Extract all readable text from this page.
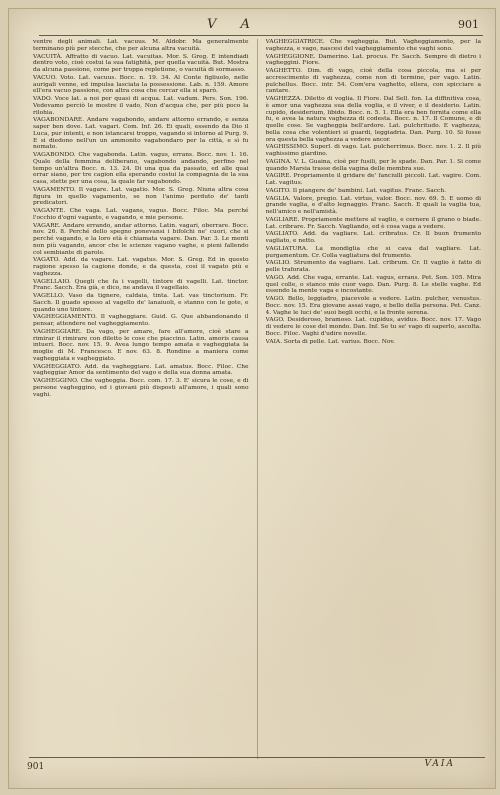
V A	901

ventre degli animali. Lat. vacuus. M. Aldobr. Ma generalmente terminano più per stecche, che per alcuna altra vacuità.

VACUITÀ. Affratto di vacuo. Lat. vacuitas. Mor. S. Greg. E intendiadi dentro voto, cioè costui la sua fatighità, per quella vacuità. But. Mostra da alcuna passione, come per troppa repletione, o vacuità di sormasso.

VACUO. Voto. Lat. vacuus. Bocc. n. 19. 34. Al Conte figliuolo, nelle aurigali venne, ed impulsa lasciata la possessione. Lab. n. 159. Amore ell'era vacuo passione, con altra cosa che cercar ella si sparò.

VADO. Voce lat. a noi per quasi di acqua. Lat. vadum. Pers. Son. 196. Vedevamo perciò le mostre il vado, Non d'acqua che, per più poco la rilohia.

VAGABONDARE. Andare vagabondo, andare attorno errando, e senza saper ben dove. Lat. vagari. Com. Inf. 26. Ei quali, essendo da Dio il Luca, pur intenti, e non istancarsi troppo, vagando si intorno al Purg. 9. E si diedono nell'un un ammonito vagabondaro per la città, e sì fu nomato.

VAGABONDO. Che vagabonda. Latin. vagus, errans. Bocc. nov. 1. 16. Quale della femmina deliberano, vagabondo andando, perfino nel tempo un'altra Bocc. n. 13. 24. Di una qua da passato, ed alle quai errar siano, per tre cagion ella sperando costui la compagnia de la sua casa, stette per una cosa, la quale far vagabondo.

VAGAMENTO. Il vagare. Lat. vagatio. Mor. S. Greg. Niuna altra cosa figura in quello vagamento, se non l'animo perduto de' tanti predicatori.

VAGANTE. Che vaga. Lat. vagans, vagus. Bocc. Filoc. Ma perché l'occhio d'ogni vagante, e vagando, e mie persone.

VAGARE. Andare errando, andar attorno. Latin. vagari, oberrare. Bocc. nov. 26. 8. Perché dello spegno ponevansi i bifolchi ne' cuori, che si perché vagando, e la loro età è chiamata vagare. Dan. Par. 3. Le menti non più vagando, ancor che le scienze vagano vaghe, e pieni fallendo col sembiante di parole.

VAGATO. Add. da vagare. Lat. vagatus. Mor. S. Greg. Ed in questo ragione spesso la cagione donde, e da questa, così il vagato più e vaghezza.

VAGELLAIO. Quegli che fa i vagelli, tintore di vagelli. Lat. tinctor. Franc. Sacch. Era già, e dico, ne andava il vagellaio.

VAGELLO. Vaso da tignere, caldaia, tinta. Lat. vas tinctorium. Fr. Sacch. Il guado spesso al vagello de' lanaiuoli, e stanno con le gote, e quando uno tintore.

VAGHEGGIAMENTO. Il vagheggiare. Guid. G. Que abbandonando il pensar, attendere nel vagheggiamento.

VAGHEGGIARE. Da vago, per amare, fare all'amore, cioè stare a rimirar il rimirare con diletto le cose che piaccino. Latin. amoris causa intueri. Bocc. nov. 15. 9. Avea lungo tempo amata e vagheggiata la moglie di M. Francesco. E nov. 63. 8. Rondine a maniera come vagheggiata e vagheggiato.

VAGHEGGIATO. Add. da vagheggiare. Lat. amatus. Bocc. Filoc. Che vagheggiar Amor da sentimento del vago e della sua donna amata.

VAGHEGGINO. Che vagheggia. Bocc. com. 17. 3. E' sicura le cose, e di persone vagheggino, ed i giovani più disposti all'amore, i quali sono vaghi.

VAGHEGGIATRICE. Che vagheggia. But. Vagheggiamento, per la vaghezza, e vago, nascesi del vagheggiamento che vaghi sono.

VAGHEGGIONE. Damerino. Lat. procus. Fr. Sacch. Sempre di dietro i vagheggini. Fiore.

VAGHETTO. Dim. di vago, cioè della cosa piccola, ma si per accrescimento di vaghezza, come non di termine, per vago. Latin. pulchellus. Bocc. intr. 54. Com'era vaghetto, ellera, con spicciare a cantare.

VAGHEZZA. Diletto di voglia. Il Fiore. Dal Sell. fon. La diffinitiva cosa, è amor una vaghezza sua della voglia, e il viver, e il desiderio. Latin. cupido, desiderium, libido. Bocc. n. 5. 1. Ella era ben fornita come ella fu, e avea la natura vaghezza di codesta. Bocc. n. 17. Il Comune, e di quelle cose. Se vagheggia bell'ardore. Lat. pulchritudo. E vaghezza, bella cosa che volentieri si guardi, leggiadria. Dan. Purg. 10. Si fosse ora questa bella vaghezza a vedere ancor.

VAGHISSIMO. Superl. di vago. Lat. pulcherrimus. Bocc. nov. 1. 2. Il più vaghissimo giardino.

VAGINA. V. L. Guaina, cioè per fusili, per le spade. Dan. Par. 1. Si come quando Marsia trasse della vagina delle membra sue.

VAGIRE. Propriamente il gridare de' fanciulli piccoli. Lat. vagire. Com. Lat. vagitus.

VAGITO. Il piangere de' bambini. Lat. vagitus. Franc. Sacch.

VAGLIA. Valore, pregio. Lat. virtus, valor. Bocc. nov. 69. 5. E uomo di grande vaglia, e d'alto legnaggio. Franc. Sacch. E quali la vaglia tua, nell'amico e nell'amistà.

VAGLIARE. Propriamente mettere al vaglio, e cernere il grano o biade. Lat. cribrare. Fr. Sacch. Vagliando, ed è cosa vaga a vedere.

VAGLIATO. Add. da vagliare. Lat. cribratus. Cr. Il buon frumento vagliato, e netto.

VAGLIATURA. La mondiglia che si cava dal vagliare. Lat. purgamentum. Cr. Colla vagliatura del frumento.

VAGLIO. Strumento da vagliare. Lat. cribrum. Cr. Il vaglio è fatto di pelle traforata.

VAGO. Add. Che vaga, errante. Lat. vagus, errans. Pet. Son. 105. Mira quel colle, o stanco mio cuor vago. Dan. Purg. 8. Le stelle vaghe. Ed essendo la mente vaga e incostante.

VAGO. Bello, leggiadro, piacevole a vedere. Latin. pulcher, venustus. Bocc. nov. 15. Era giovane assai vago, e bello della persona. Pet. Canz. 4. Vaghe le luci de' suoi begli occhi, e la fronte serena.

VAGO. Desideroso, bramoso. Lat. cupidus, avidus. Bocc. nov. 17. Vago di vedere le cose del mondo. Dan. Inf. Se tu se' vago di saperlo, ascolta. Bocc. Filoc. Vaghi d'udire novelle.

VAIA. Sorta di pelle. Lat. varius. Bocc. Nov.

901	VAIA
